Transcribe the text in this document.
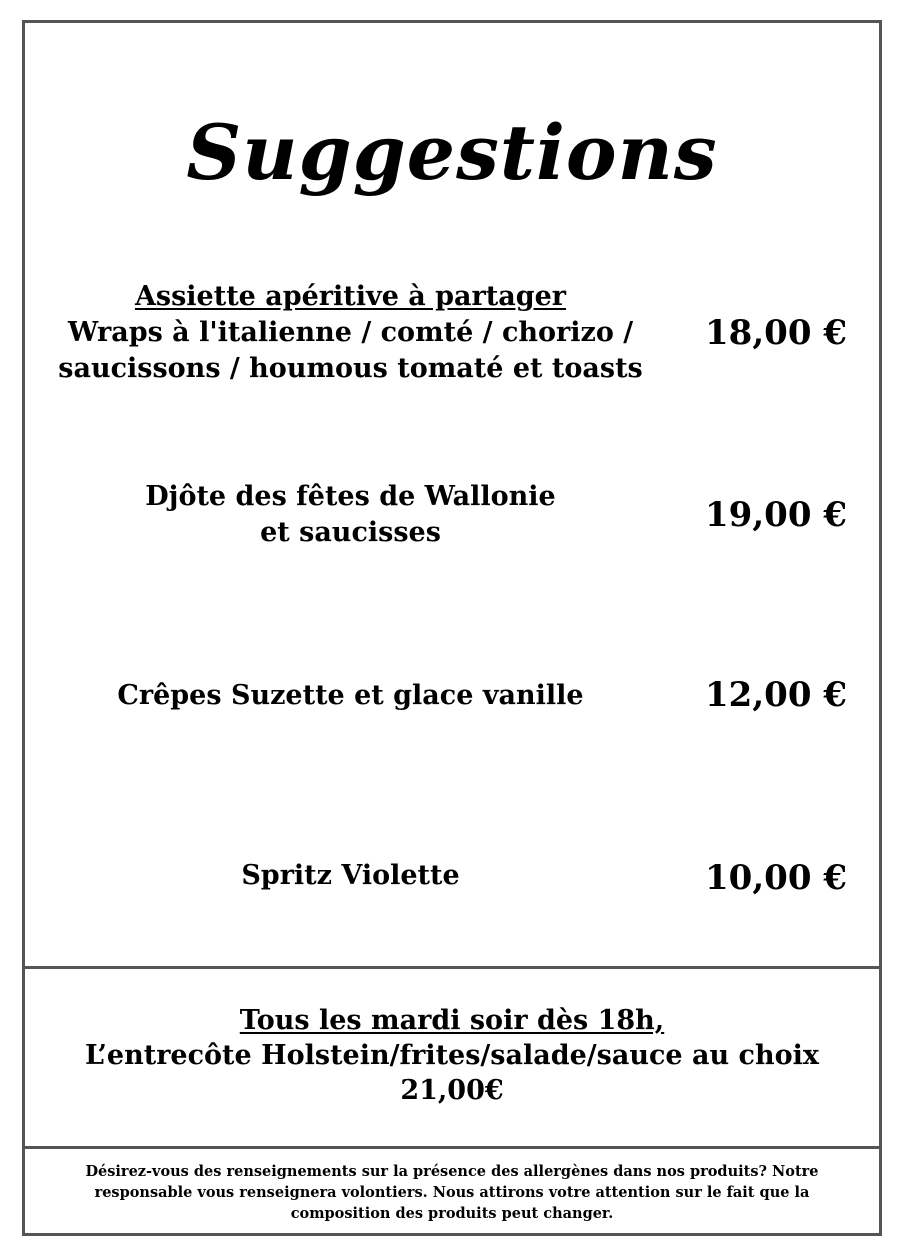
Suggestions
Assiette apéritive à partager
Wraps à l'italienne / comté / chorizo /
saucissons / houmous tomaté et toasts
18,00 €
Djôte des fêtes de Wallonie
et saucisses	19,00 €
Crêpes Suzette et glace vanille	12,00 €
Spritz Violette	10,00 €
Tous les mardi soir dès 18h,
L’entrecôte Holstein/frites/salade/sauce au choix
21,00€
Désirez-vous des renseignements sur la présence des allergènes dans nos produits? Notre responsable vous renseignera volontiers. Nous attirons votre attention sur le fait que la composition des produits peut changer.
